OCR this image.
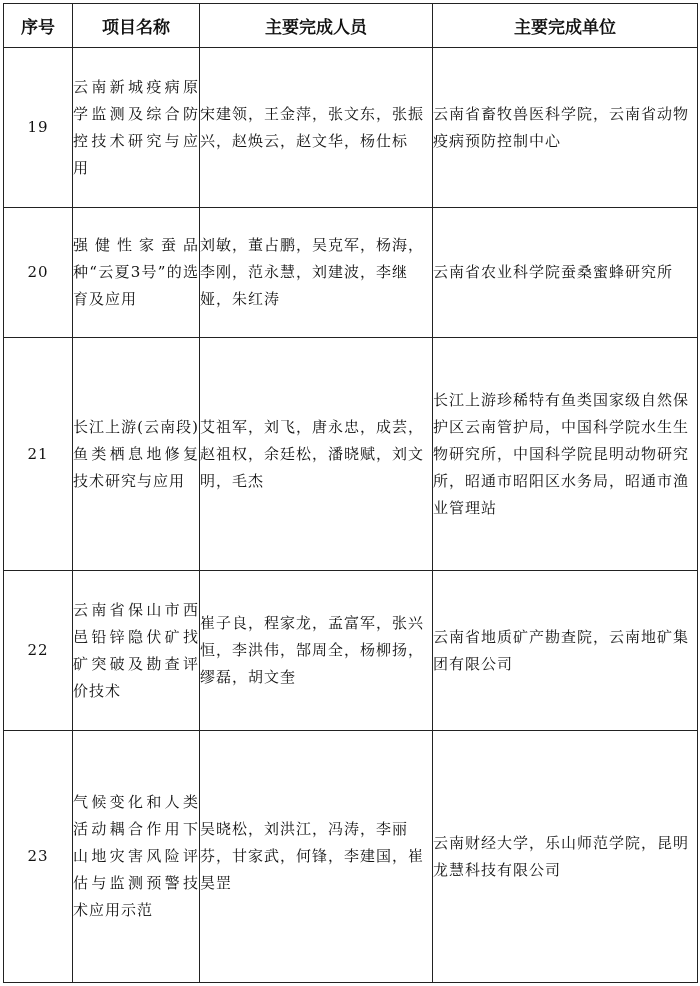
序号	项目名称	主要完成人员	主要完成单位
19	云南新城疫病原学监测及综合防控技术研究与应用	宋建领，王金萍，张文东，张振兴，赵焕云，赵文华，杨仕标	云南省畜牧兽医科学院，云南省动物疫病预防控制中心
20	强健性家蚕品种“云夏3号”的选育及应用	刘敏，董占鹏，吴克军，杨海，李刚，范永慧，刘建波，李继娅，朱红涛	云南省农业科学院蚕桑蜜蜂研究所
21	长江上游(云南段)鱼类栖息地修复技术研究与应用	艾祖军，刘飞，唐永忠，成芸，赵祖权，余廷松，潘晓赋，刘文明，毛杰	长江上游珍稀特有鱼类国家级自然保护区云南管护局，中国科学院水生生物研究所，中国科学院昆明动物研究所，昭通市昭阳区水务局，昭通市渔业管理站
22	云南省保山市西邑铅锌隐伏矿找矿突破及勘查评价技术	崔子良，程家龙，孟富军，张兴恒，李洪伟，郜周全，杨柳扬，缪磊，胡文奎	云南省地质矿产勘查院，云南地矿集团有限公司
23	气候变化和人类活动耦合作用下山地灾害风险评估与监测预警技术应用示范	吴晓松，刘洪江，冯涛，李丽芬，甘家武，何锋，李建国，崔昊罡	云南财经大学，乐山师范学院，昆明龙慧科技有限公司
